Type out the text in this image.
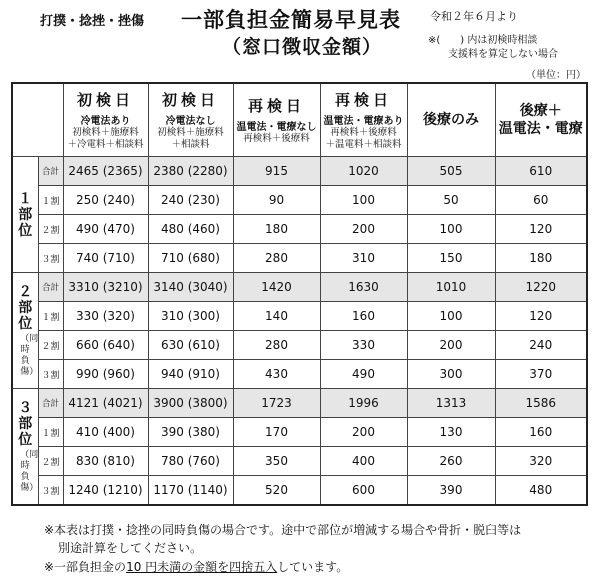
打撲・捻挫・挫傷 一部負担金簡易早見表
（窓口徴収金額）
令和２年６月より
※(　　) 内は初検時相談
支援料を算定しない場合
（単位：円）

		初検日
冷電法あり
初検料＋施療料
＋冷電料＋相談料	初検日
冷電法なし
初検料＋施療料
＋相談料	再検日
温電法・電療なし
再検料＋後療料	再検日
温電法・電療あり
再検料＋後療料
＋温電料＋相談料	後療のみ	後療＋
温電法・電療

１部位	合計	2465 (2365)	2380 (2280)	915	1020	505	610
	１割	250 (240)	240 (230)	90	100	50	60
	２割	490 (470)	480 (460)	180	200	100	120
	３割	740 (710)	710 (680)	280	310	150	180
２部位 （同時負傷）	合計	3310 (3210)	3140 (3040)	1420	1630	1010	1220
	１割	330 (320)	310 (300)	140	160	100	120
	２割	660 (640)	630 (610)	280	330	200	240
	３割	990 (960)	940 (910)	430	490	300	370
３部位 （同時負傷）	合計	4121 (4021)	3900 (3800)	1723	1996	1313	1586
	１割	410 (400)	390 (380)	170	200	130	160
	２割	830 (810)	780 (760)	350	400	260	320
	３割	1240 (1210)	1170 (1140)	520	600	390	480
※本表は打撲・捻挫の同時負傷の場合です。途中で部位が増減する場合や骨折・脱臼等は
別途計算をしてください。
※一部負担金の10 円未満の金額を四捨五入しています。
